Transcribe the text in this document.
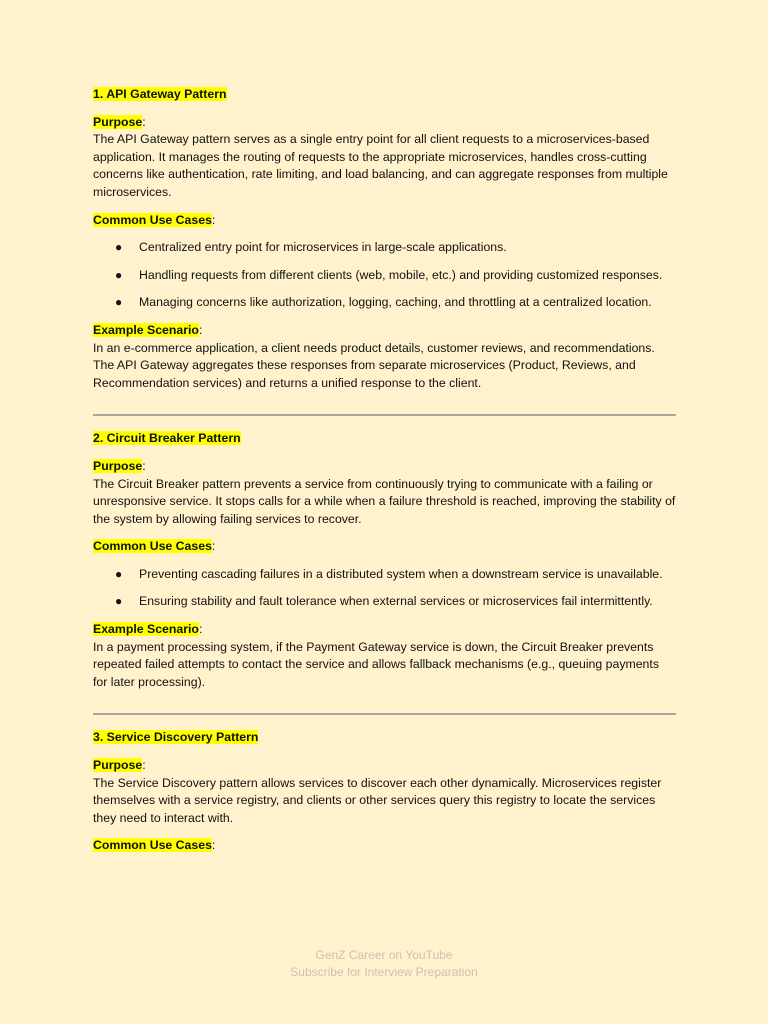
1. API Gateway Pattern

Purpose:

The API Gateway pattern serves as a single entry point for all client requests to a microservices-based application. It manages the routing of requests to the appropriate microservices, handles cross-cutting concerns like authentication, rate limiting, and load balancing, and can aggregate responses from multiple microservices.

Common Use Cases:

● Centralized entry point for microservices in large-scale applications.
● Handling requests from different clients (web, mobile, etc.) and providing customized responses.
● Managing concerns like authorization, logging, caching, and throttling at a centralized location.

Example Scenario:

In an e-commerce application, a client needs product details, customer reviews, and recommendations. The API Gateway aggregates these responses from separate microservices (Product, Reviews, and Recommendation services) and returns a unified response to the client.

2. Circuit Breaker Pattern

Purpose:

The Circuit Breaker pattern prevents a service from continuously trying to communicate with a failing or unresponsive service. It stops calls for a while when a failure threshold is reached, improving the stability of the system by allowing failing services to recover.

Common Use Cases:

● Preventing cascading failures in a distributed system when a downstream service is unavailable.
● Ensuring stability and fault tolerance when external services or microservices fail intermittently.

Example Scenario:

In a payment processing system, if the Payment Gateway service is down, the Circuit Breaker prevents repeated failed attempts to contact the service and allows fallback mechanisms (e.g., queuing payments for later processing).

3. Service Discovery Pattern

Purpose:

The Service Discovery pattern allows services to discover each other dynamically. Microservices register themselves with a service registry, and clients or other services query this registry to locate the services they need to interact with.

Common Use Cases:

GenZ Career on YouTube
Subscribe for Interview Preparation
